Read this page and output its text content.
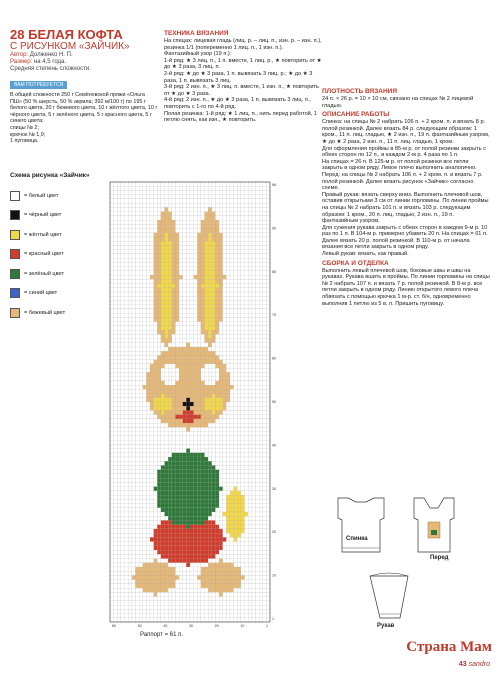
28 БЕЛАЯ КОФТА
С РИСУНКОМ «ЗАЙЧИК»
Автор: Долженко Н. П.
Размер: на 4,5 года.
Средняя степень сложности.
ВАМ ПОТРЕБУЕТСЯ
В общей сложности 250 г Семёновской пряжи «Ольга ПШ» (50 % шерсть, 50 % акрила; 392 м/100 г) по 195 г белого цвета, 20 г бежевого цвета, 10 г жёлтого цвета, 10 г чёрного цвета, 5 г зелёного цвета, 5 г красного цвета, 5 г синего цвета;
спицы № 2;
крючок № 1,9;
1 пуговица.
Схема рисунка «Зайчик»
= белый цвет
= чёрный цвет
= жёлтый цвет
= красный цвет
= зелёный цвет
= синий цвет
= бежевый цвет
96
90
80
70
60
50
40
30
20
10
1
60	50	40	30	20	10	1
Раппорт = 61 п.
ТЕХНИКА ВЯЗАНИЯ
На спицах: лицевая гладь (лиц. р. – лиц. п., изн. р. – изн. п.), резинка 1/1 (попеременно 1 лиц. п., 1 изн. п.).
Фантазийный узор (19 п.):
1-й ряд: ★ 3 лиц. п., 1 п. вместе, 1 лиц. р., ★ повторить от ★ до ★ 3 раза, 3 лиц. п.
2-й ряд: ★ до ★ 3 раза, 1 п. вывязать 3 лиц. р.; ★ до ★ 3 раза, 1 п. вывязать 3 лиц.
3-й ряд: 2 изн. п., ★ 3 лиц. п. вместе, 1 изн. п., ★ повторить от ★ до ★ 3 раза.
4-й ряд: 2 изн. п., ★ до ★ 3 раза, 1 п. вывязать 3 лиц. п., повторить с 1-го по 4-й ряд.
Полая резинка: 1-й ряд: ★ 1 лиц. п., нить перед работой, 1 петлю снять, как изн., ★ повторить.
ПЛОТНОСТЬ ВЯЗАНИЯ
24 п. × 26 р. = 10 × 10 см, связано на спицах № 2 лицевой гладью.
ОПИСАНИЕ РАБОТЫ
Спинка: на спицы № 2 набрать 106 п. + 2 кром. п. и вязать 8 р. полой резинкой. Далее вязать 84 р. следующим образом: 1 кром., 11 п. лиц. гладью, ★ 2 изн. п., 19 п. фантазийным узором, ★ до ★ 2 раза, 2 изн. п., 11 п. лиц. гладью, 1 кром.
Для оформления проймы в 85-м р. от полой резинки закрыть с обеих сторон по 12 п., в каждом 2-м р. 4 раза по 1 п.
На спицах = 26 п. В 125-м р. от полой резинки все петли закрыть в одном ряду. Левое плечо выполнить аналогично.
Перед: на спицы № 2 набрать 106 п. + 2 кром. п. и вязать 7 р. полой резинкой. Далее вязать рисунок «Зайчик» согласно схеме.
Правый рукав: вязать сверху вниз. Выполнить плечевой шов, оставив открытыми 3 см от линии горловины. По линии проймы на спицы № 2 набрать 101 п. и вязать 103 р. следующим образом: 1 кром., 20 п. лиц. гладью, 2 изн. п., 19 п. фантазийным узором.
Для сужения рукава закрыть с обеих сторон в каждом 9-м р. 10 раз по 1 п. В 104-м р. примерно убавить 20 п. На спицах = 61 п. Далее вязать 20 р. полой резинкой. В 110-м р. от начала вязания все петли закрыть в одном ряду.
Левый рукав: вязать, как правый.
СБОРКА И ОТДЕЛКА
Выполнить левый плечевой шов, боковые швы и швы на рукавах. Рукава вшить в проймы. По линии горловины на спицы № 2 набрать 107 п. и вязать 7 р. полой резинкой. В 8-м р. все петли закрыть в одном ряду. Линию открытого левого плеча обвязать с помощью крючка 1 м-р. ст. б/н, одновременно выполнив 1 петлю из 5 в. п. Пришить пуговицу.
Спинка
Перед
Рукав
Страна Мам
43 sandro
